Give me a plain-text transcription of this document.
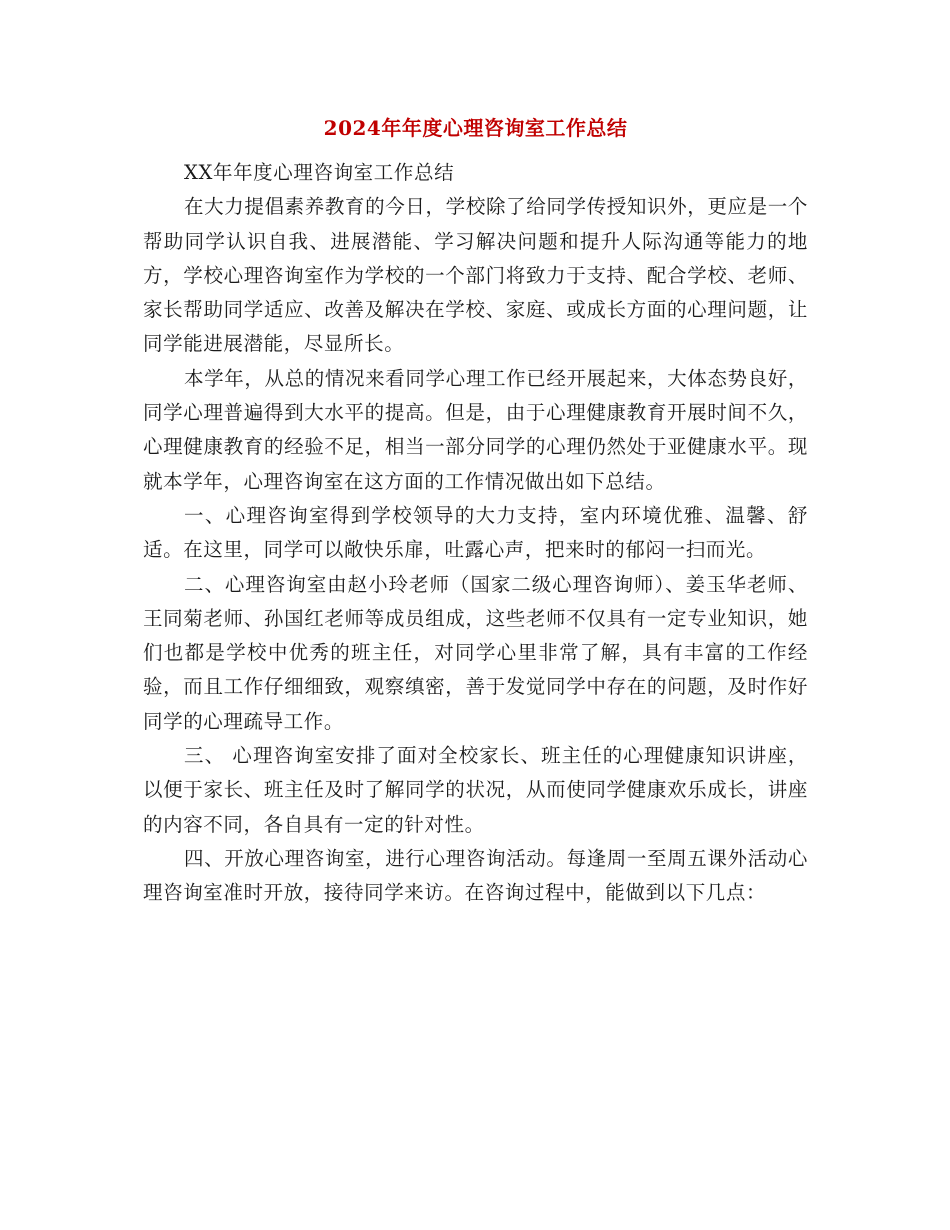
2024年年度心理咨询室工作总结

XX年年度心理咨询室工作总结

在大力提倡素养教育的今日，学校除了给同学传授知识外，更应是一个帮助同学认识自我、进展潜能、学习解决问题和提升人际沟通等能力的地方，学校心理咨询室作为学校的一个部门将致力于支持、配合学校、老师、家长帮助同学适应、改善及解决在学校、家庭、或成长方面的心理问题，让同学能进展潜能，尽显所长。

本学年，从总的情况来看同学心理工作已经开展起来，大体态势良好，同学心理普遍得到大水平的提高。但是，由于心理健康教育开展时间不久，心理健康教育的经验不足，相当一部分同学的心理仍然处于亚健康水平。现就本学年，心理咨询室在这方面的工作情况做出如下总结。

一、心理咨询室得到学校领导的大力支持，室内环境优雅、温馨、舒适。在这里，同学可以敞快乐扉，吐露心声，把来时的郁闷一扫而光。

二、心理咨询室由赵小玲老师（国家二级心理咨询师）、姜玉华老师、王同菊老师、孙国红老师等成员组成，这些老师不仅具有一定专业知识，她们也都是学校中优秀的班主任，对同学心里非常了解，具有丰富的工作经验，而且工作仔细细致，观察缜密，善于发觉同学中存在的问题，及时作好同学的心理疏导工作。

三、 心理咨询室安排了面对全校家长、班主任的心理健康知识讲座，以便于家长、班主任及时了解同学的状况，从而使同学健康欢乐成长，讲座的内容不同，各自具有一定的针对性。

四、开放心理咨询室，进行心理咨询活动。每逢周一至周五课外活动心理咨询室准时开放，接待同学来访。在咨询过程中，能做到以下几点：
